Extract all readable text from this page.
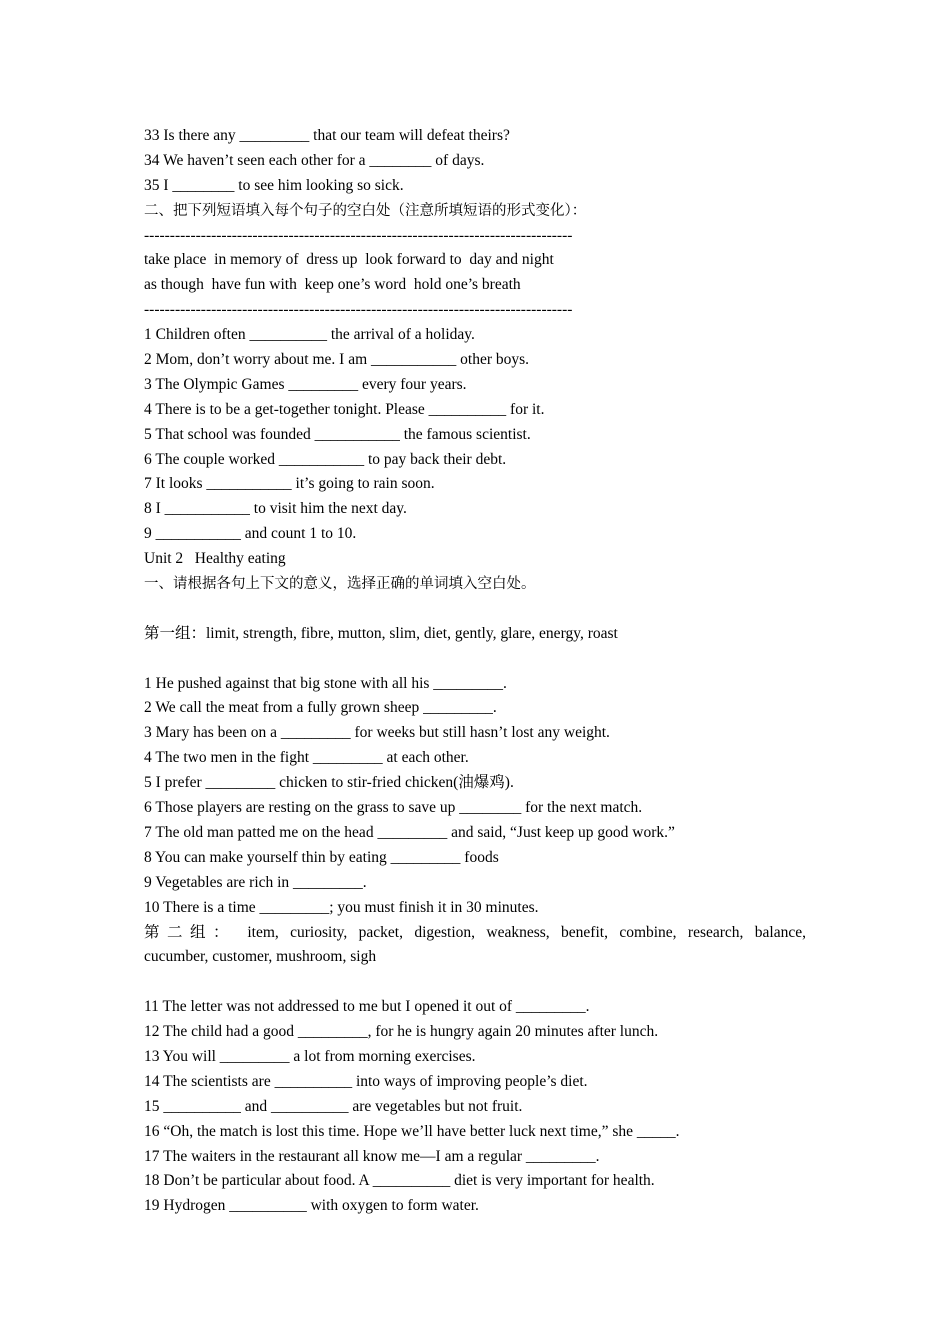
33 Is there any _________ that our team will defeat theirs?
34 We haven’t seen each other for a ________ of days.
35 I ________ to see him looking so sick.
二、把下列短语填入每个句子的空白处（注意所填短语的形式变化）：
-----------------------------------------------------------------------------------
take place  in memory of  dress up  look forward to  day and night
as though  have fun with  keep one’s word  hold one’s breath
-----------------------------------------------------------------------------------
1 Children often __________ the arrival of a holiday.
2 Mom, don’t worry about me. I am ___________ other boys.
3 The Olympic Games _________ every four years.
4 There is to be a get-together tonight. Please __________ for it.
5 That school was founded ___________ the famous scientist.
6 The couple worked ___________ to pay back their debt.
7 It looks ___________ it’s going to rain soon.
8 I ___________ to visit him the next day.
9 ___________ and count 1 to 10.
Unit 2   Healthy eating
一、请根据各句上下文的意义，选择正确的单词填入空白处。
第一组：limit, strength, fibre, mutton, slim, diet, gently, glare, energy, roast
1 He pushed against that big stone with all his _________.
2 We call the meat from a fully grown sheep _________.
3 Mary has been on a _________ for weeks but still hasn’t lost any weight.
4 The two men in the fight _________ at each other.
5 I prefer _________ chicken to stir-fried chicken(油爆鸡).
6 Those players are resting on the grass to save up ________ for the next match.
7 The old man patted me on the head _________ and said, “Just keep up good work.”
8 You can make yourself thin by eating _________ foods
9 Vegetables are rich in _________.
10 There is a time _________; you must finish it in 30 minutes.
第二组： item, curiosity, packet, digestion, weakness, benefit, combine, research, balance,
cucumber, customer, mushroom, sigh
11 The letter was not addressed to me but I opened it out of _________.
12 The child had a good _________, for he is hungry again 20 minutes after lunch.
13 You will _________ a lot from morning exercises.
14 The scientists are __________ into ways of improving people’s diet.
15 __________ and __________ are vegetables but not fruit.
16 “Oh, the match is lost this time. Hope we’ll have better luck next time,” she _____.
17 The waiters in the restaurant all know me—I am a regular _________.
18 Don’t be particular about food. A __________ diet is very important for health.
19 Hydrogen __________ with oxygen to form water.
